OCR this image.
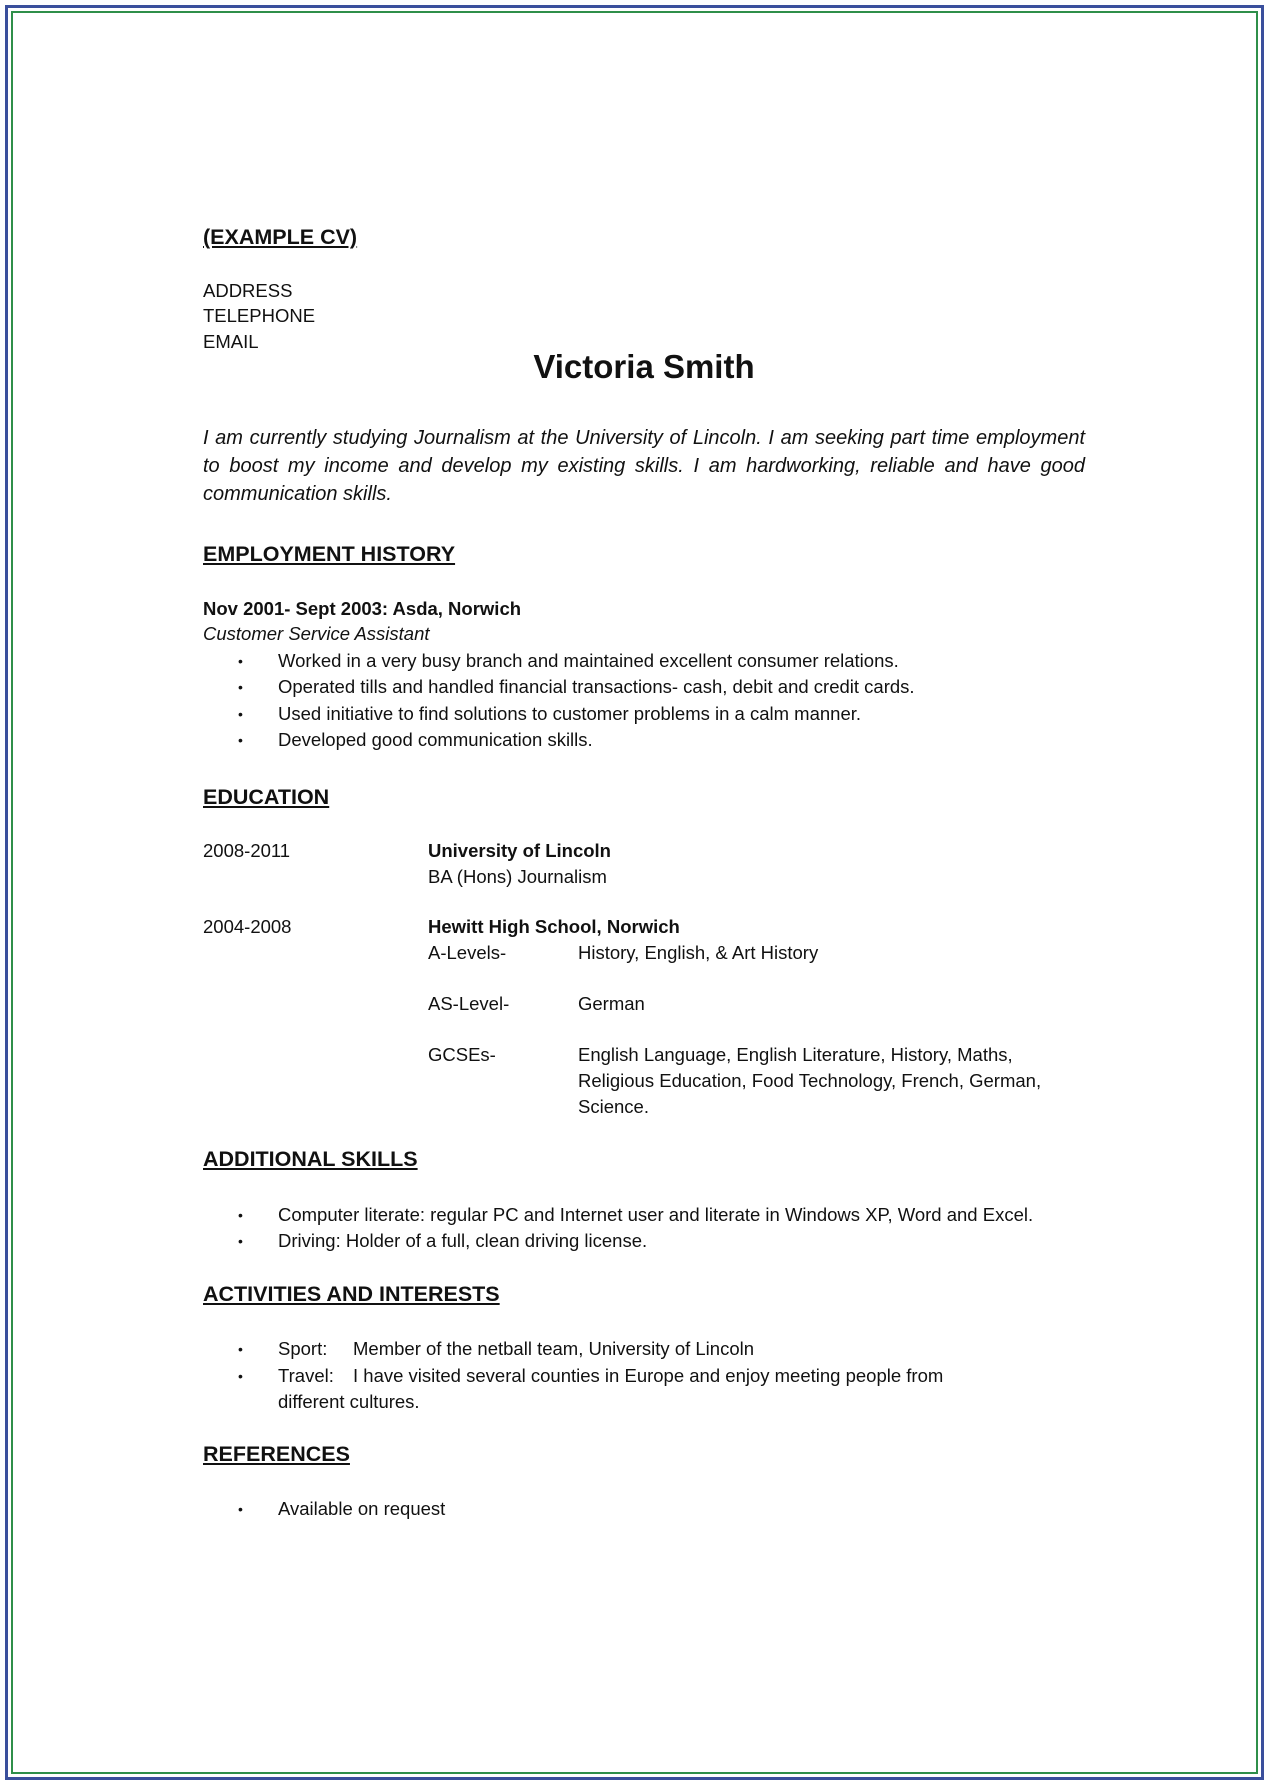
(EXAMPLE CV)
ADDRESS
TELEPHONE
EMAIL
Victoria Smith
I am currently studying Journalism at the University of Lincoln. I am seeking part time employment to boost my income and develop my existing skills. I am hardworking, reliable and have good communication skills.
EMPLOYMENT HISTORY
Nov 2001- Sept 2003: Asda, Norwich
Customer Service Assistant
• Worked in a very busy branch and maintained excellent consumer relations.
• Operated tills and handled financial transactions- cash, debit and credit cards.
• Used initiative to find solutions to customer problems in a calm manner.
• Developed good communication skills.
EDUCATION
2008-2011	University of Lincoln
BA (Hons) Journalism
2004-2008	Hewitt High School, Norwich
A-Levels-	History, English, & Art History
AS-Level-	German
GCSEs-	English Language, English Literature, History, Maths, Religious Education, Food Technology, French, German, Science.
ADDITIONAL SKILLS
• Computer literate: regular PC and Internet user and literate in Windows XP, Word and Excel.
• Driving: Holder of a full, clean driving license.
ACTIVITIES AND INTERESTS
• Sport: Member of the netball team, University of Lincoln
• Travel:	I have visited several counties in Europe and enjoy meeting people from different cultures.
REFERENCES
• Available on request
